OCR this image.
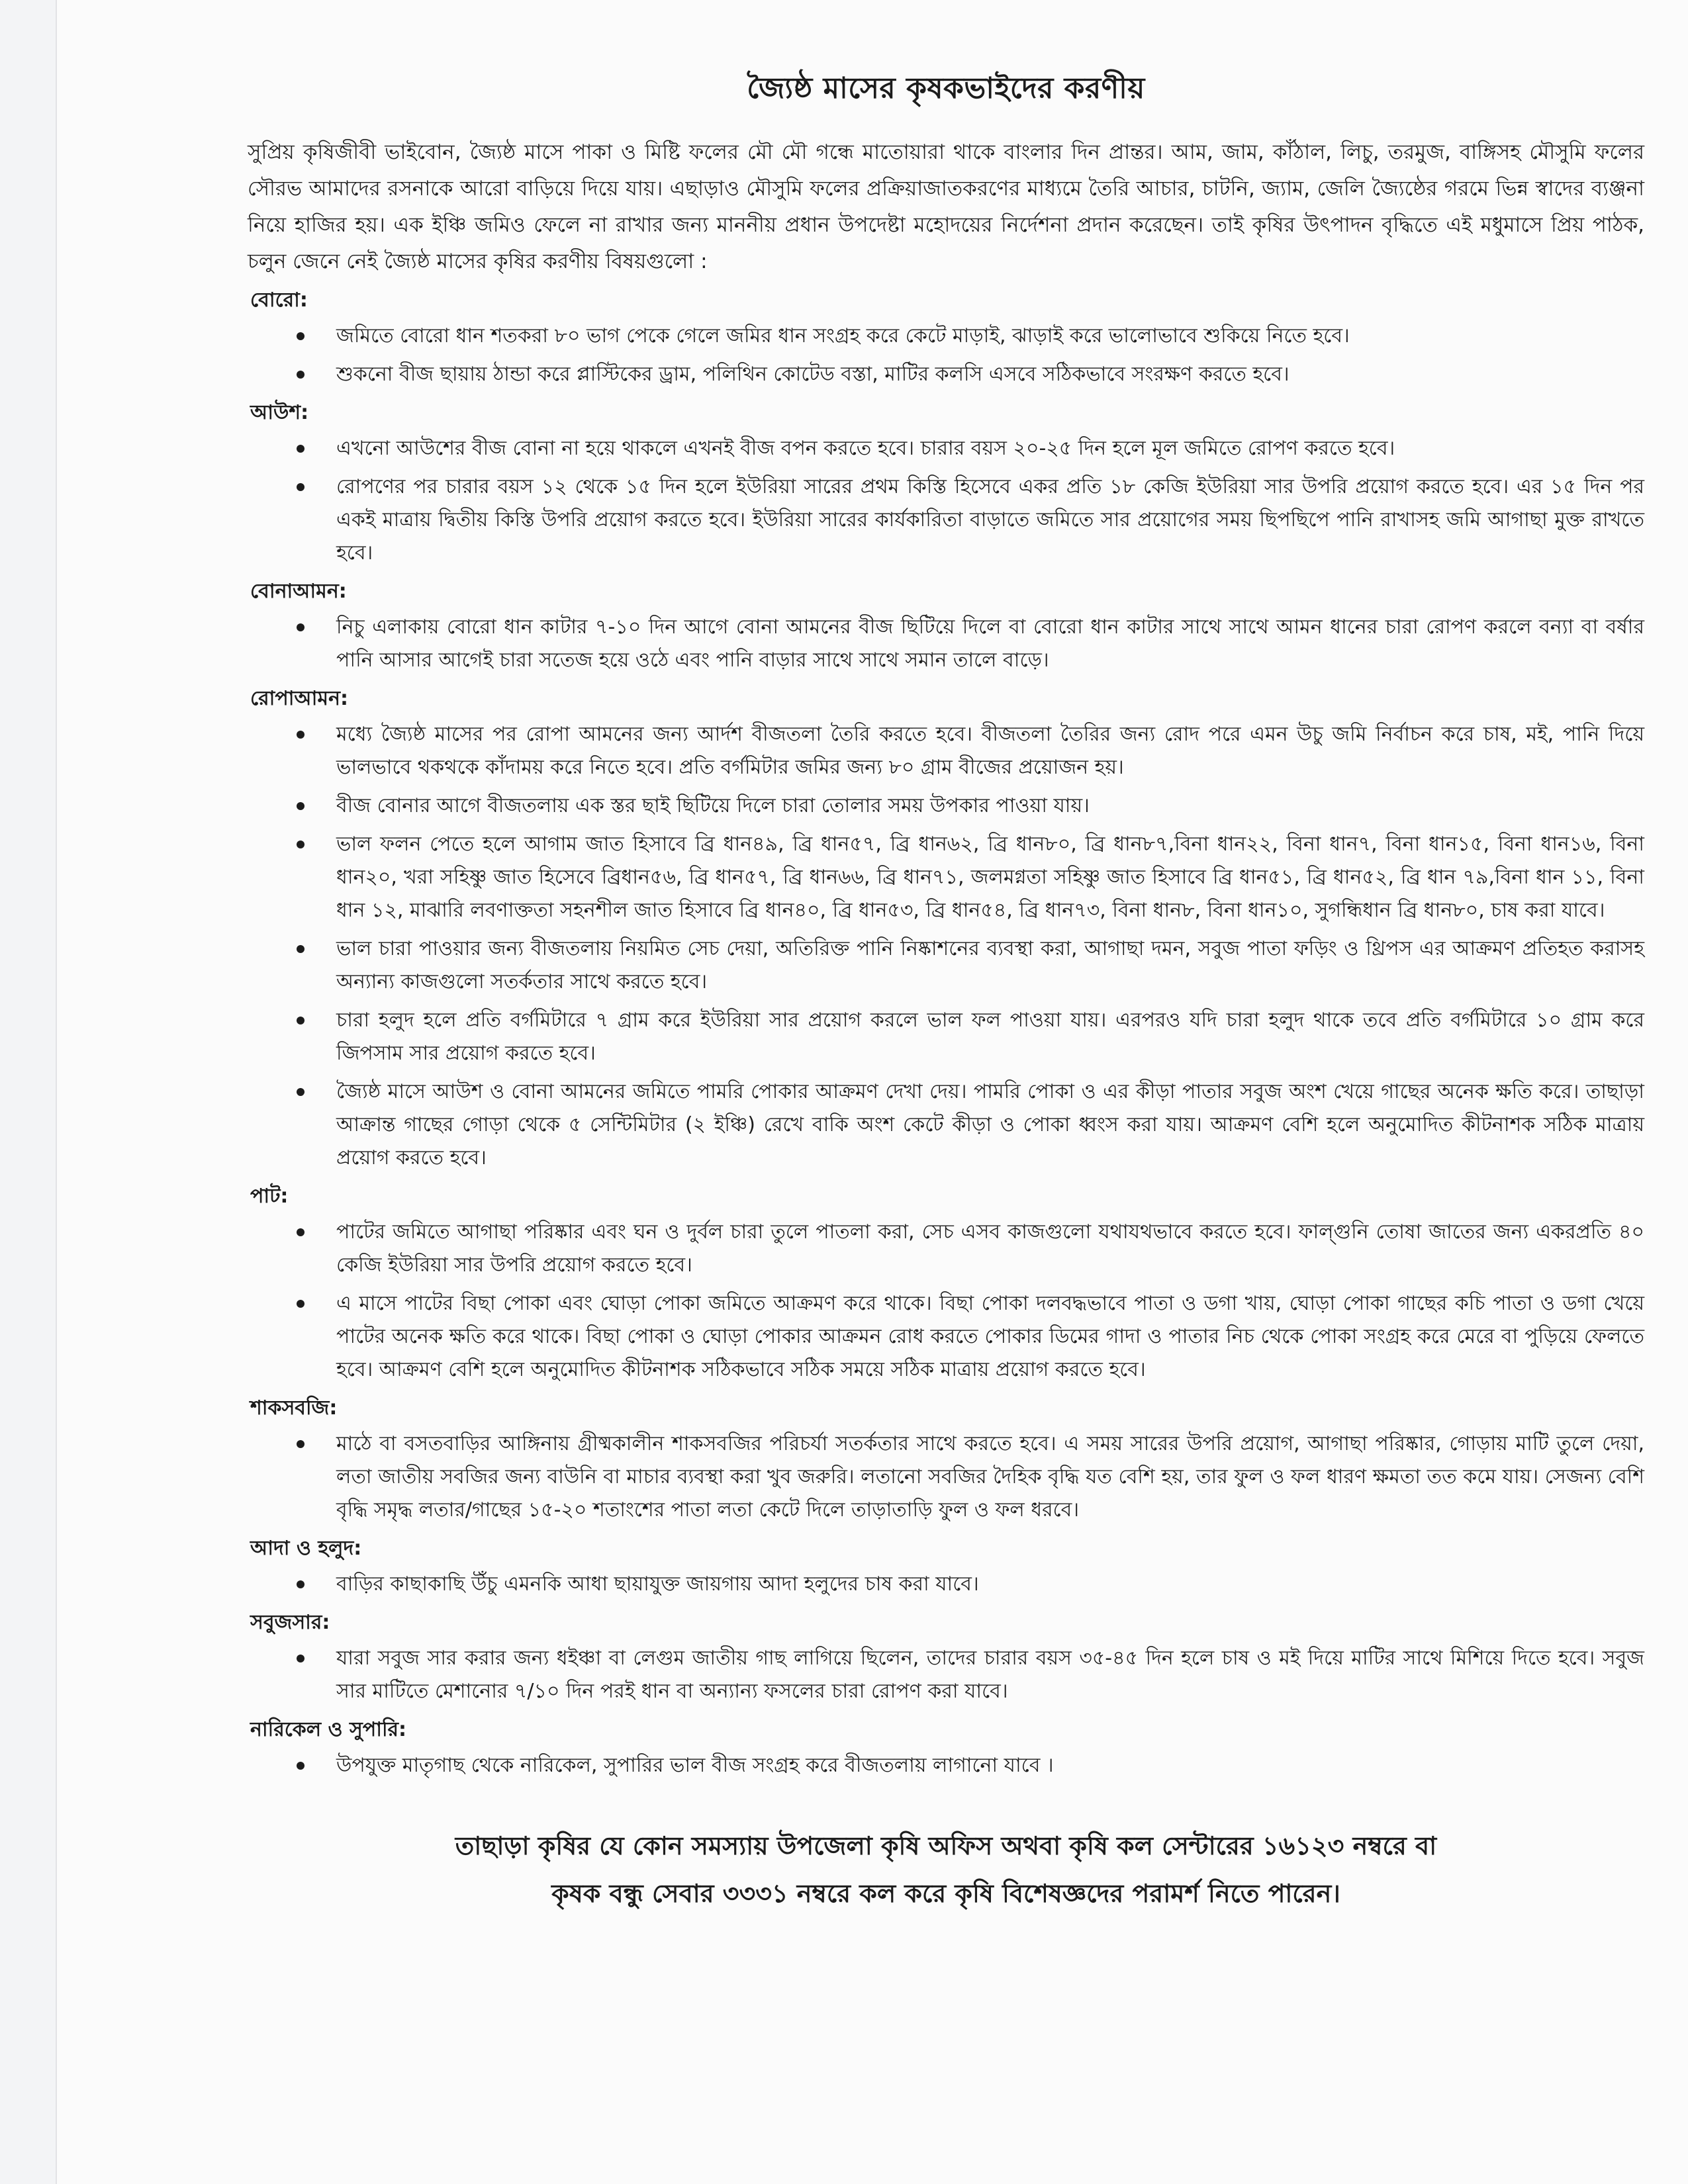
জ্যৈষ্ঠ মাসের কৃষকভাইদের করণীয়

সুপ্রিয় কৃষিজীবী ভাইবোন, জ্যৈষ্ঠ মাসে পাকা ও মিষ্টি ফলের মৌ মৌ গন্ধে মাতোয়ারা থাকে বাংলার দিন প্রান্তর। আম, জাম, কাঁঠাল, লিচু, তরমুজ, বাঙ্গিসহ মৌসুমি ফলের সৌরভ আমাদের রসনাকে আরো বাড়িয়ে দিয়ে যায়। এছাড়াও মৌসুমি ফলের প্রক্রিয়াজাতকরণের মাধ্যমে তৈরি আচার, চাটনি, জ্যাম, জেলি জ্যৈষ্ঠের গরমে ভিন্ন স্বাদের ব্যঞ্জনা নিয়ে হাজির হয়। এক ইঞ্চি জমিও ফেলে না রাখার জন্য মাননীয় প্রধান উপদেষ্টা মহোদয়ের নির্দেশনা প্রদান করেছেন। তাই কৃষির উৎপাদন বৃদ্ধিতে এই মধুমাসে প্রিয় পাঠক, চলুন জেনে নেই জ্যৈষ্ঠ মাসের কৃষির করণীয় বিষয়গুলো :

বোরো:

জমিতে বোরো ধান শতকরা ৮০ ভাগ পেকে গেলে জমির ধান সংগ্রহ করে কেটে মাড়াই, ঝাড়াই করে ভালোভাবে শুকিয়ে নিতে হবে।
শুকনো বীজ ছায়ায় ঠান্ডা করে প্লাস্টিকের ড্রাম, পলিথিন কোটেড বস্তা, মাটির কলসি এসবে সঠিকভাবে সংরক্ষণ করতে হবে।

আউশ:

এখনো আউশের বীজ বোনা না হয়ে থাকলে এখনই বীজ বপন করতে হবে। চারার বয়স ২০-২৫ দিন হলে মূল জমিতে রোপণ করতে হবে।
রোপণের পর চারার বয়স ১২ থেকে ১৫ দিন হলে ইউরিয়া সারের প্রথম কিস্তি হিসেবে একর প্রতি ১৮ কেজি ইউরিয়া সার উপরি প্রয়োগ করতে হবে। এর ১৫ দিন পর একই মাত্রায় দ্বিতীয় কিস্তি উপরি প্রয়োগ করতে হবে। ইউরিয়া সারের কার্যকারিতা বাড়াতে জমিতে সার প্রয়োগের সময় ছিপছিপে পানি রাখাসহ জমি আগাছা মুক্ত রাখতে হবে।

বোনাআমন:

নিচু এলাকায় বোরো ধান কাটার ৭-১০ দিন আগে বোনা আমনের বীজ ছিটিয়ে দিলে বা বোরো ধান কাটার সাথে সাথে আমন ধানের চারা রোপণ করলে বন্যা বা বর্ষার পানি আসার আগেই চারা সতেজ হয়ে ওঠে এবং পানি বাড়ার সাথে সাথে সমান তালে বাড়ে।

রোপাআমন:

মধ্যে জ্যৈষ্ঠ মাসের পর রোপা আমনের জন্য আর্দশ বীজতলা তৈরি করতে হবে। বীজতলা তৈরির জন্য রোদ পরে এমন উচু জমি নির্বাচন করে চাষ, মই, পানি দিয়ে ভালভাবে থকথকে কাঁদাময় করে নিতে হবে। প্রতি বর্গমিটার জমির জন্য ৮০ গ্রাম বীজের প্রয়োজন হয়।
বীজ বোনার আগে বীজতলায় এক স্তর ছাই ছিটিয়ে দিলে চারা তোলার সময় উপকার পাওয়া যায়।
ভাল ফলন পেতে হলে আগাম জাত হিসাবে ব্রি ধান৪৯, ব্রি ধান৫৭, ব্রি ধান৬২, ব্রি ধান৮০, ব্রি ধান৮৭,বিনা ধান২২, বিনা ধান৭, বিনা ধান১৫, বিনা ধান১৬, বিনা ধান২০, খরা সহিষ্ণু জাত হিসেবে ব্রিধান৫৬, ব্রি ধান৫৭, ব্রি ধান৬৬, ব্রি ধান৭১, জলমগ্নতা সহিষ্ণু জাত হিসাবে ব্রি ধান৫১, ব্রি ধান৫২, ব্রি ধান ৭৯,বিনা ধান ১১, বিনা ধান ১২, মাঝারি লবণাক্ততা সহনশীল জাত হিসাবে ব্রি ধান৪০, ব্রি ধান৫৩, ব্রি ধান৫৪, ব্রি ধান৭৩, বিনা ধান৮, বিনা ধান১০, সুগন্ধিধান ব্রি ধান৮০, চাষ করা যাবে।
ভাল চারা পাওয়ার জন্য বীজতলায় নিয়মিত সেচ দেয়া, অতিরিক্ত পানি নিষ্কাশনের ব্যবস্থা করা, আগাছা দমন, সবুজ পাতা ফড়িং ও থ্রিপস এর আক্রমণ প্রতিহত করাসহ অন্যান্য কাজগুলো সতর্কতার সাথে করতে হবে।
চারা হলুদ হলে প্রতি বর্গমিটারে ৭ গ্রাম করে ইউরিয়া সার প্রয়োগ করলে ভাল ফল পাওয়া যায়। এরপরও যদি চারা হলুদ থাকে তবে প্রতি বর্গমিটারে ১০ গ্রাম করে জিপসাম সার প্রয়োগ করতে হবে।
জ্যৈষ্ঠ মাসে আউশ ও বোনা আমনের জমিতে পামরি পোকার আক্রমণ দেখা দেয়। পামরি পোকা ও এর কীড়া পাতার সবুজ অংশ খেয়ে গাছের অনেক ক্ষতি করে। তাছাড়া আক্রান্ত গাছের গোড়া থেকে ৫ সেন্টিমিটার (২ ইঞ্চি) রেখে বাকি অংশ কেটে কীড়া ও পোকা ধ্বংস করা যায়। আক্রমণ বেশি হলে অনুমোদিত কীটনাশক সঠিক মাত্রায় প্রয়োগ করতে হবে।

পাট:

পাটের জমিতে আগাছা পরিষ্কার এবং ঘন ও দুর্বল চারা তুলে পাতলা করা, সেচ এসব কাজগুলো যথাযথভাবে করতে হবে। ফাল্গুনি তোষা জাতের জন্য একরপ্রতি ৪০ কেজি ইউরিয়া সার উপরি প্রয়োগ করতে হবে।
এ মাসে পাটের বিছা পোকা এবং ঘোড়া পোকা জমিতে আক্রমণ করে থাকে। বিছা পোকা দলবদ্ধভাবে পাতা ও ডগা খায়, ঘোড়া পোকা গাছের কচি পাতা ও ডগা খেয়ে পাটের অনেক ক্ষতি করে থাকে। বিছা পোকা ও ঘোড়া পোকার আক্রমন রোধ করতে পোকার ডিমের গাদা ও পাতার নিচ থেকে পোকা সংগ্রহ করে মেরে বা পুড়িয়ে ফেলতে হবে। আক্রমণ বেশি হলে অনুমোদিত কীটনাশক সঠিকভাবে সঠিক সময়ে সঠিক মাত্রায় প্রয়োগ করতে হবে।

শাকসবজি:

মাঠে বা বসতবাড়ির আঙ্গিনায় গ্রীষ্মকালীন শাকসবজির পরিচর্যা সতর্কতার সাথে করতে হবে। এ সময় সারের উপরি প্রয়োগ, আগাছা পরিষ্কার, গোড়ায় মাটি তুলে দেয়া, লতা জাতীয় সবজির জন্য বাউনি বা মাচার ব্যবস্থা করা খুব জরুরি। লতানো সবজির দৈহিক বৃদ্ধি যত বেশি হয়, তার ফুল ও ফল ধারণ ক্ষমতা তত কমে যায়। সেজন্য বেশি বৃদ্ধি সমৃদ্ধ লতার/গাছের ১৫-২০ শতাংশের পাতা লতা কেটে দিলে তাড়াতাড়ি ফুল ও ফল ধরবে।

আদা ও হলুদ:

বাড়ির কাছাকাছি উঁচু এমনকি আধা ছায়াযুক্ত জায়গায় আদা হলুদের চাষ করা যাবে।

সবুজসার:

যারা সবুজ সার করার জন্য ধইঞ্চা বা লেগুম জাতীয় গাছ লাগিয়ে ছিলেন, তাদের চারার বয়স ৩৫-৪৫ দিন হলে চাষ ও মই দিয়ে মাটির সাথে মিশিয়ে দিতে হবে। সবুজ সার মাটিতে মেশানোর ৭/১০ দিন পরই ধান বা অন্যান্য ফসলের চারা রোপণ করা যাবে।

নারিকেল ও সুপারি:

উপযুক্ত মাতৃগাছ থেকে নারিকেল, সুপারির ভাল বীজ সংগ্রহ করে বীজতলায় লাগানো যাবে ।

তাছাড়া কৃষির যে কোন সমস্যায় উপজেলা কৃষি অফিস অথবা কৃষি কল সেন্টারের ১৬১২৩ নম্বরে বা

কৃষক বন্ধু সেবার ৩৩৩১ নম্বরে কল করে কৃষি বিশেষজ্ঞদের পরামর্শ নিতে পারেন।
